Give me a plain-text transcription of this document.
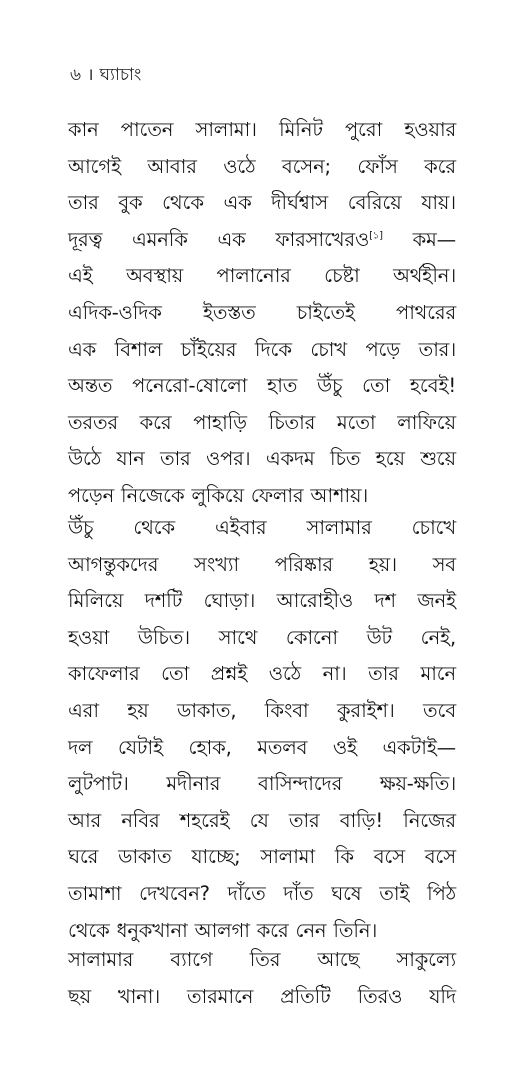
৬ । ঘ্যাচাং
কান পাতেন সালামা। মিনিট পুরো হওয়ার
আগেই আবার ওঠে বসেন; ফোঁস করে
তার বুক থেকে এক দীর্ঘশ্বাস বেরিয়ে যায়।
দূরত্ব এমনকি এক ফারসাখেরও[১] কম—
এই অবস্থায় পালানোর চেষ্টা অর্থহীন।
এদিক-ওদিক ইতস্তত চাইতেই পাথরের
এক বিশাল চাঁইয়ের দিকে চোখ পড়ে তার।
অন্তত পনেরো-ষোলো হাত উঁচু তো হবেই!
তরতর করে পাহাড়ি চিতার মতো লাফিয়ে
উঠে যান তার ওপর। একদম চিত হয়ে শুয়ে
পড়েন নিজেকে লুকিয়ে ফেলার আশায়।
উঁচু থেকে এইবার সালামার চোখে
আগন্তুকদের সংখ্যা পরিষ্কার হয়। সব
মিলিয়ে দশটি ঘোড়া। আরোহীও দশ জনই
হওয়া উচিত। সাথে কোনো উট নেই,
কাফেলার তো প্রশ্নই ওঠে না। তার মানে
এরা হয় ডাকাত, কিংবা কুরাইশ। তবে
দল যেটাই হোক, মতলব ওই একটাই—
লুটপাট। মদীনার বাসিন্দাদের ক্ষয়-ক্ষতি।
আর নবির শহরেই যে তার বাড়ি! নিজের
ঘরে ডাকাত যাচ্ছে; সালামা কি বসে বসে
তামাশা দেখবেন? দাঁতে দাঁত ঘষে তাই পিঠ
থেকে ধনুকখানা আলগা করে নেন তিনি।
সালামার ব্যাগে তির আছে সাকুল্যে
ছয় খানা। তারমানে প্রতিটি তিরও যদি
